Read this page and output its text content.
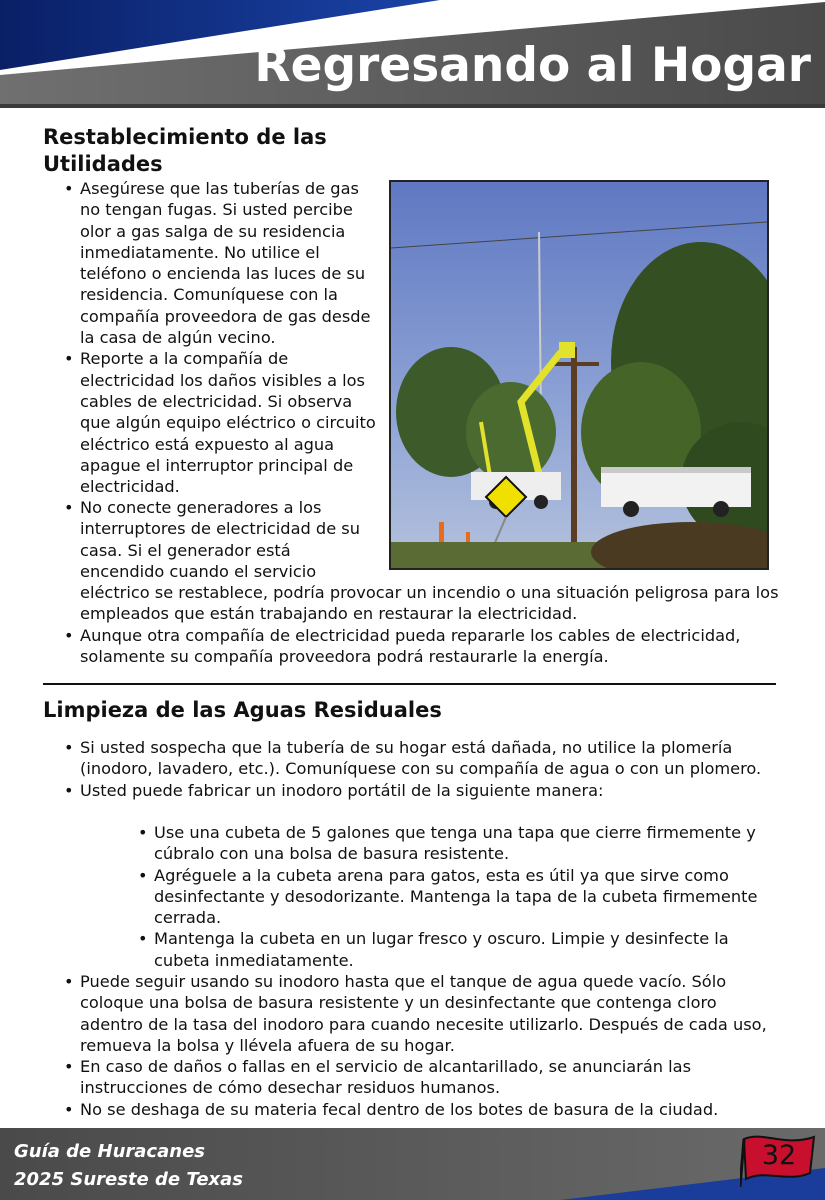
Regresando al Hogar
Restablecimiento de las
Utilidades
• Asegúrese que las tuberías de gas no tengan fugas. Si usted percibe olor a gas salga de su residencia inmediatamente. No utilice el teléfono o encienda las luces de su residencia. Comuníquese con la compañía proveedora de gas desde la casa de algún vecino.
• Reporte a la compañía de electricidad los daños visibles a los cables de electricidad. Si observa que algún equipo eléctrico o circuito eléctrico está expuesto al agua apague el interruptor principal de electricidad.
• No conecte generadores a los interruptores de electricidad de su casa. Si el generador está encendido cuando el servicio
eléctrico se restablece, podría provocar un incendio o una situación peligrosa para los empleados que están trabajando en restaurar la electricidad.
• Aunque otra compañía de electricidad pueda repararle los cables de electricidad, solamente su compañía proveedora podrá restaurarle la energía.
Limpieza de las Aguas Residuales
• Si usted sospecha que la tubería de su hogar está dañada, no utilice la plomería (inodoro, lavadero, etc.). Comuníquese con su compañía de agua o con un plomero.
• Usted puede fabricar un inodoro portátil de la siguiente manera:
• Use una cubeta de 5 galones que tenga una tapa que cierre firmemente y cúbralo con una bolsa de basura resistente.
• Agréguele a la cubeta arena para gatos, esta es útil ya que sirve como desinfectante y desodorizante. Mantenga la tapa de la cubeta firmemente cerrada.
• Mantenga la cubeta en un lugar fresco y oscuro. Limpie y desinfecte la cubeta inmediatamente.
• Puede seguir usando su inodoro hasta que el tanque de agua quede vacío. Sólo coloque una bolsa de basura resistente y un desinfectante que contenga cloro adentro de la tasa del inodoro para cuando necesite utilizarlo. Después de cada uso, remueva la bolsa y llévela afuera de su hogar.
• En caso de daños o fallas en el servicio de alcantarillado, se anunciarán las instrucciones de cómo desechar residuos humanos.
• No se deshaga de su materia fecal dentro de los botes de basura de la ciudad.
Guía de Huracanes
2025 Sureste de Texas
32
